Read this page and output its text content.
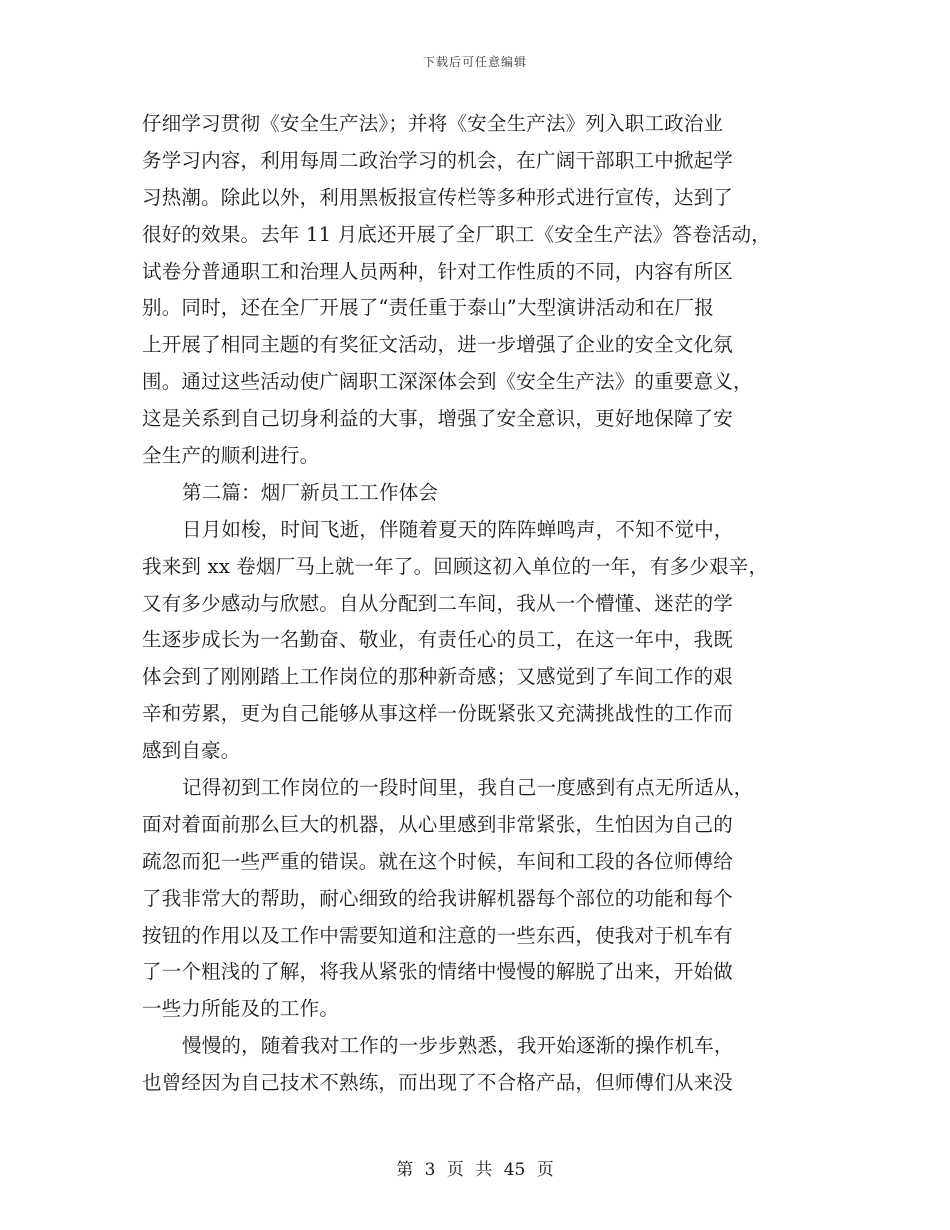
下载后可任意编辑
仔细学习贯彻《安全生产法》；并将《安全生产法》列入职工政治业
务学习内容，利用每周二政治学习的机会，在广阔干部职工中掀起学
习热潮。除此以外，利用黑板报宣传栏等多种形式进行宣传，达到了
很好的效果。去年 11 月底还开展了全厂职工《安全生产法》答卷活动，
试卷分普通职工和治理人员两种，针对工作性质的不同，内容有所区
别。同时，还在全厂开展了“责任重于泰山”大型演讲活动和在厂报
上开展了相同主题的有奖征文活动，进一步增强了企业的安全文化氛
围。通过这些活动使广阔职工深深体会到《安全生产法》的重要意义，
这是关系到自己切身利益的大事，增强了安全意识，更好地保障了安
全生产的顺利进行。
第二篇：烟厂新员工工作体会
日月如梭，时间飞逝，伴随着夏天的阵阵蝉鸣声，不知不觉中，
我来到 xx 卷烟厂马上就一年了。回顾这初入单位的一年，有多少艰辛，
又有多少感动与欣慰。自从分配到二车间，我从一个懵懂、迷茫的学
生逐步成长为一名勤奋、敬业，有责任心的员工，在这一年中，我既
体会到了刚刚踏上工作岗位的那种新奇感；又感觉到了车间工作的艰
辛和劳累，更为自己能够从事这样一份既紧张又充满挑战性的工作而
感到自豪。
记得初到工作岗位的一段时间里，我自己一度感到有点无所适从，
面对着面前那么巨大的机器，从心里感到非常紧张，生怕因为自己的
疏忽而犯一些严重的错误。就在这个时候，车间和工段的各位师傅给
了我非常大的帮助，耐心细致的给我讲解机器每个部位的功能和每个
按钮的作用以及工作中需要知道和注意的一些东西，使我对于机车有
了一个粗浅的了解，将我从紧张的情绪中慢慢的解脱了出来，开始做
一些力所能及的工作。
慢慢的，随着我对工作的一步步熟悉，我开始逐渐的操作机车，
也曾经因为自己技术不熟练，而出现了不合格产品，但师傅们从来没
第 3 页 共 45 页
